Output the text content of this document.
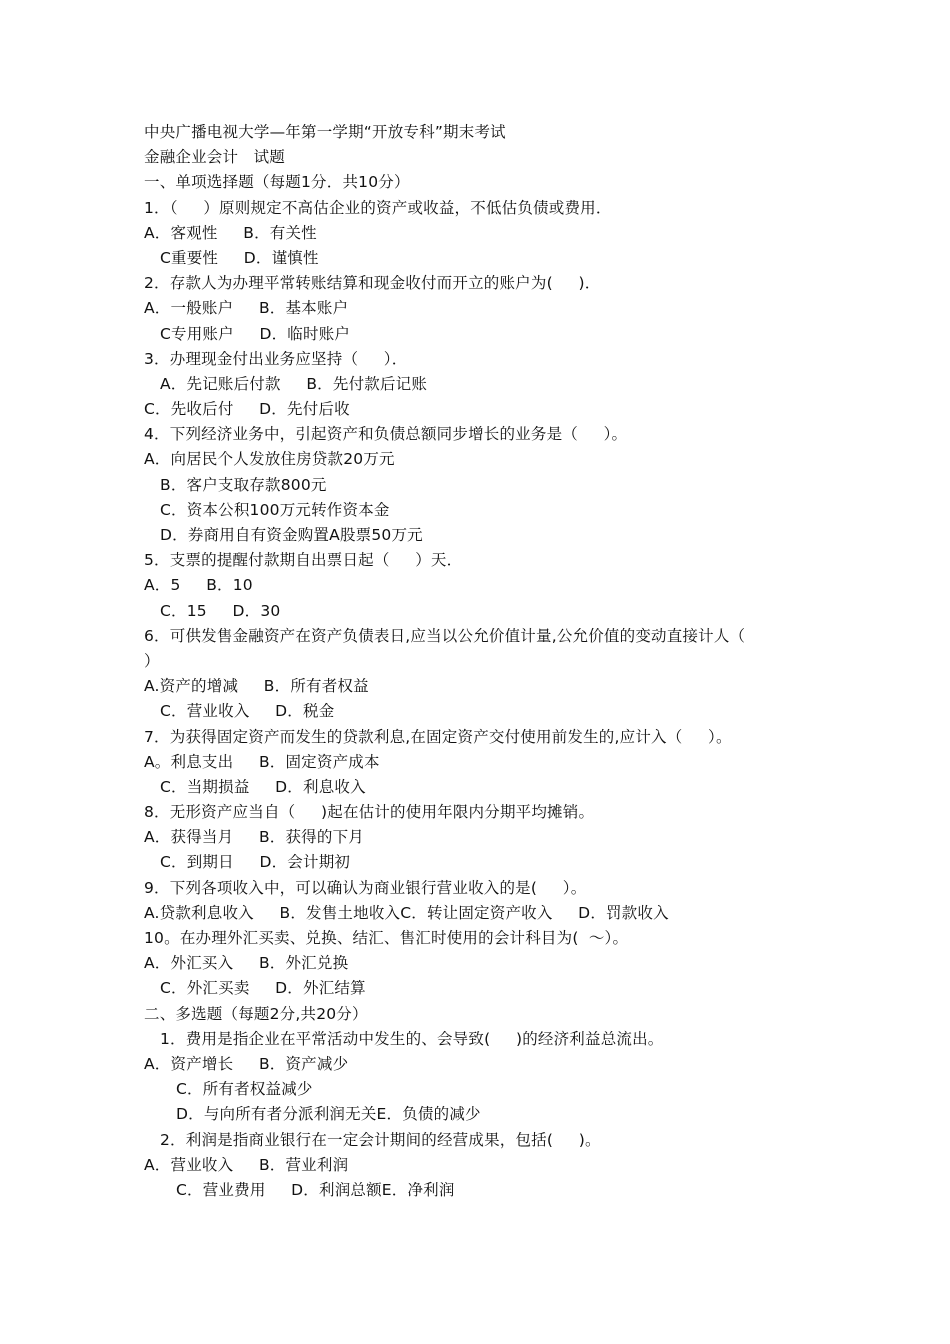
中央广播电视大学—年第一学期“开放专科”期末考试
金融企业会计   试题
一、单项选择题（每题1分．共10分）
1．（     ）原则规定不高估企业的资产或收益，不低估负债或费用．
A．客观性     B．有关性
C重要性     D．谨慎性
2．存款人为办理平常转账结算和现金收付而开立的账户为(     )．
A．一般账户     B．基本账户
C专用账户     D．临时账户
3．办理现金付出业务应坚持（     ）．
A．先记账后付款     B．先付款后记账
C．先收后付     D．先付后收
4．下列经济业务中，引起资产和负债总额同步增长的业务是（     ）。
A．向居民个人发放住房贷款20万元
B．客户支取存款800元
C．资本公积100万元转作资本金
D．券商用自有资金购置A股票50万元
5．支票的提醒付款期自出票日起（     ）天．
A．5     B．10
C．15     D．30
6．可供发售金融资产在资产负债表日,应当以公允价值计量,公允价值的变动直接计人（
）
A.资产的增减     B．所有者权益
C．营业收入     D．税金
7．为获得固定资产而发生的贷款利息,在固定资产交付使用前发生的,应计入（     ）。
A。利息支出     B．固定资产成本
C．当期损益     D．利息收入
8．无形资产应当自（     )起在估计的使用年限内分期平均摊销。
A．获得当月     B．获得的下月
C．到期日     D．会计期初
9．下列各项收入中，可以确认为商业银行营业收入的是(     ）。
A.贷款利息收入     B．发售土地收入C．转让固定资产收入     D．罚款收入
10。在办理外汇买卖、兑换、结汇、售汇时使用的会计科目为(  ～）。
A．外汇买入     B．外汇兑换
C．外汇买卖     D．外汇结算
二、多选题（每题2分,共20分）
1．费用是指企业在平常活动中发生的、会导致(     )的经济利益总流出。
A．资产增长     B．资产减少
C．所有者权益减少
D．与向所有者分派利润无关E．负债的减少
2．利润是指商业银行在一定会计期间的经营成果，包括(     )。
A．营业收入     B．营业利润
C．营业费用     D．利润总额E．净利润
